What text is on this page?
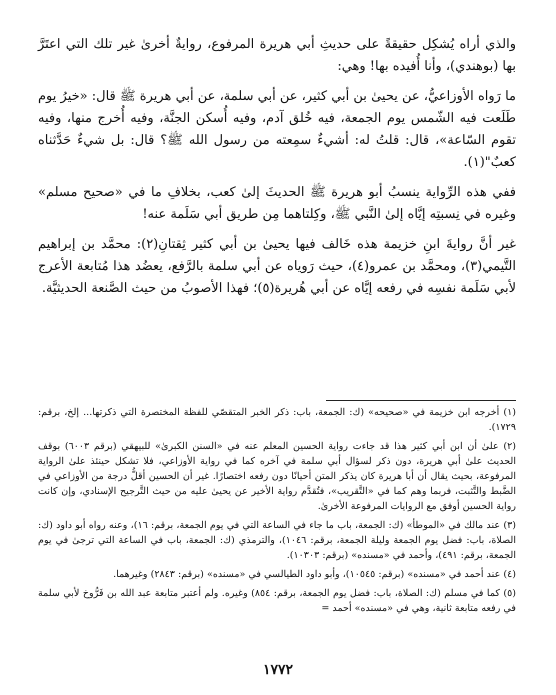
والذي أراه يُشكِل حقيقةً على حديثِ أبي هريرة المرفوع، روايةٌ أخرىٰ غير تلك التي اعتَرَّ بها (بوهندي)، وأنا أُفيده بها! وهي:

ما رَواه الأوزاعيُّ، عن يحيىٰ بن أبي كثير، عن أبي سلمة، عن أبي هريرة ﷺ قال: «خيرُ يوم طَلَعت فيه الشّمس يوم الجمعة، فيه خُلق آدم، وفيه أُسكن الجنَّة، وفيه أُخرج منها، وفيه تقوم السّاعة»، قال: قلتُ له: أشيءٌ سمِعته من رسول الله ﷺ؟ قال: بل شيءٌ حَدَّثناه كعبٌ"(١).

ففي هذه الرِّواية ينسبُ أبو هريرة ﷺ الحديثَ إلىٰ كعب، بخلافِ ما في «صحيح مسلم» وغيره في نِسبتِه إيَّاه إلىٰ النَّبي ﷺ، وكِلتاهما مِن طريق أبي سَلَمة عنه!

غير أنَّ روايةَ ابنِ خزيمة هذه خَالف فيها يحيىٰ بن أبي كثير ثِقتانِ(٢): محمَّد بن إبراهيم التَّيمي(٣)، ومحمَّد بن عمرو(٤)، حيث رَوياه عن أبي سلمة بالرَّفع، يعضُد هذا مُتابعة الأعرج لأبي سَلَمة نفسِه في رفعه إيَّاه عن أبي هُريرة(٥)؛ فهذا الأصوبُ من حيث الصَّنعة الحديثيَّة.

(١) أخرجه ابن خزيمة في «صحيحه» (ك: الجمعة، باب: ذكر الخبر المتقصّي للفظة المختصرة التي ذكرتها... إلخ، برقم: ١٧٢٩).

(٢) علىٰ أن ابن أبي كثير هذا قد جاءت رواية الحسين المعلم عنه في «السنن الكبرىٰ» للبيهقي (برقم ٦٠٠٣) بوقف الحديث علىٰ أبي هريرة، دون ذكر لسؤال أبي سلمة في آخره كما في رواية الأوزاعي، فلا تشكل حينئذ علىٰ الرواية المرفوعة، بحيث يقال أن أبا هريرة كان يذكر المتن أحيانًا دون رفعه اختصارًا. غير أن الحسين أقلُّ درجة من الأوزاعي في الضَّبط والتَّثبت، فربما وهم كما في «التَّقريب»، فتُقدَّم رواية الأخير عن يحيىٰ عليه من حيث التَّرجيح الإسنادي، وإن كانت رواية الحسين أوفق مع الروايات المرفوعة الأخرىٰ.

(٣) عند مالك في «الموطأ» (ك: الجمعة، باب ما جاء في الساعة التي في يوم الجمعة، برقم: ١٦)، وعنه رواه أبو داود (ك: الصلاة، باب: فضل يوم الجمعة وليلة الجمعة، برقم: ١٠٤٦)، والترمذي (ك: الجمعة، باب في الساعة التي ترجىٰ في يوم الجمعة، برقم: ٤٩١)، وأحمد في «مسنده» (برقم: ١٠٣٠٣).

(٤) عند أحمد في «مسنده» (برقم: ١٠٥٤٥)، وأبو داود الطيالسي في «مسنده» (برقم: ٢٨٤٣) وغيرهما.

(٥) كما في مسلم (ك: الصلاة، باب: فضل يوم الجمعة، برقم: ٨٥٤) وغيره. ولم أعتبر متابعة عبد الله بن فَرُّوخ لأبي سلمة في رفعه متابعة ثانية، وهي في «مسنده» أحمد =

١٧٧٢
